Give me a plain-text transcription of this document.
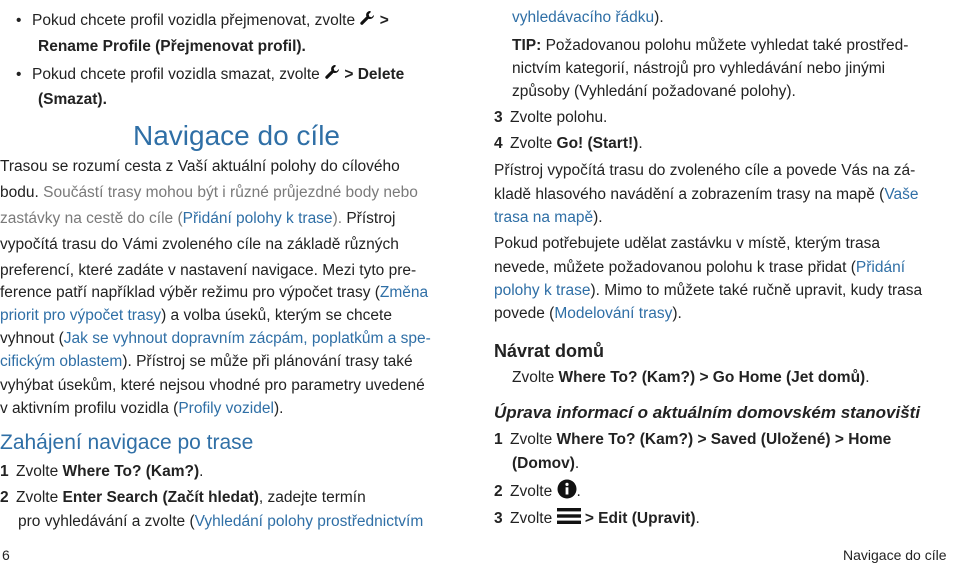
• Pokud chcete profil vozidla přejmenovat, zvolte >
Rename Profile (Přejmenovat profil).
• Pokud chcete profil vozidla smazat, zvolte > Delete
(Smazat).
Navigace do cíle
Trasou se rozumí cesta z Vaší aktuální polohy do cílového
bodu. Součástí trasy mohou být i různé průjezdné body nebo
zastávky na cestě do cíle (Přidání polohy k trase). Přístroj
vypočítá trasu do Vámi zvoleného cíle na základě různých
preferencí, které zadáte v nastavení navigace. Mezi tyto pre-
ference patří například výběr režimu pro výpočet trasy (Změna
priorit pro výpočet trasy) a volba úseků, kterým se chcete
vyhnout (Jak se vyhnout dopravním zácpám, poplatkům a spe-
cifickým oblastem). Přístroj se může při plánování trasy také
vyhýbat úsekům, které nejsou vhodné pro parametry uvedené
v aktivním profilu vozidla (Profily vozidel).
Zahájení navigace po trase
1 Zvolte Where To? (Kam?).
2 Zvolte Enter Search (Začít hledat), zadejte termín
pro vyhledávání a zvolte (Vyhledání polohy prostřednictvím
vyhledávacího řádku).
TIP: Požadovanou polohu můžete vyhledat také prostřed-
nictvím kategorií, nástrojů pro vyhledávání nebo jinými
způsoby (Vyhledání požadované polohy).
3 Zvolte polohu.
4 Zvolte Go! (Start!).
Přístroj vypočítá trasu do zvoleného cíle a povede Vás na zá-
kladě hlasového navádění a zobrazením trasy na mapě (Vaše
trasa na mapě).
Pokud potřebujete udělat zastávku v místě, kterým trasa
nevede, můžete požadovanou polohu k trase přidat (Přidání
polohy k trase). Mimo to můžete také ručně upravit, kudy trasa
povede (Modelování trasy).
Návrat domů
Zvolte Where To? (Kam?) > Go Home (Jet domů).
Úprava informací o aktuálním domovském stanovišti
1 Zvolte Where To? (Kam?) > Saved (Uložené) > Home
(Domov).
2 Zvolte .
3 Zvolte  > Edit (Upravit).
6	Navigace do cíle
